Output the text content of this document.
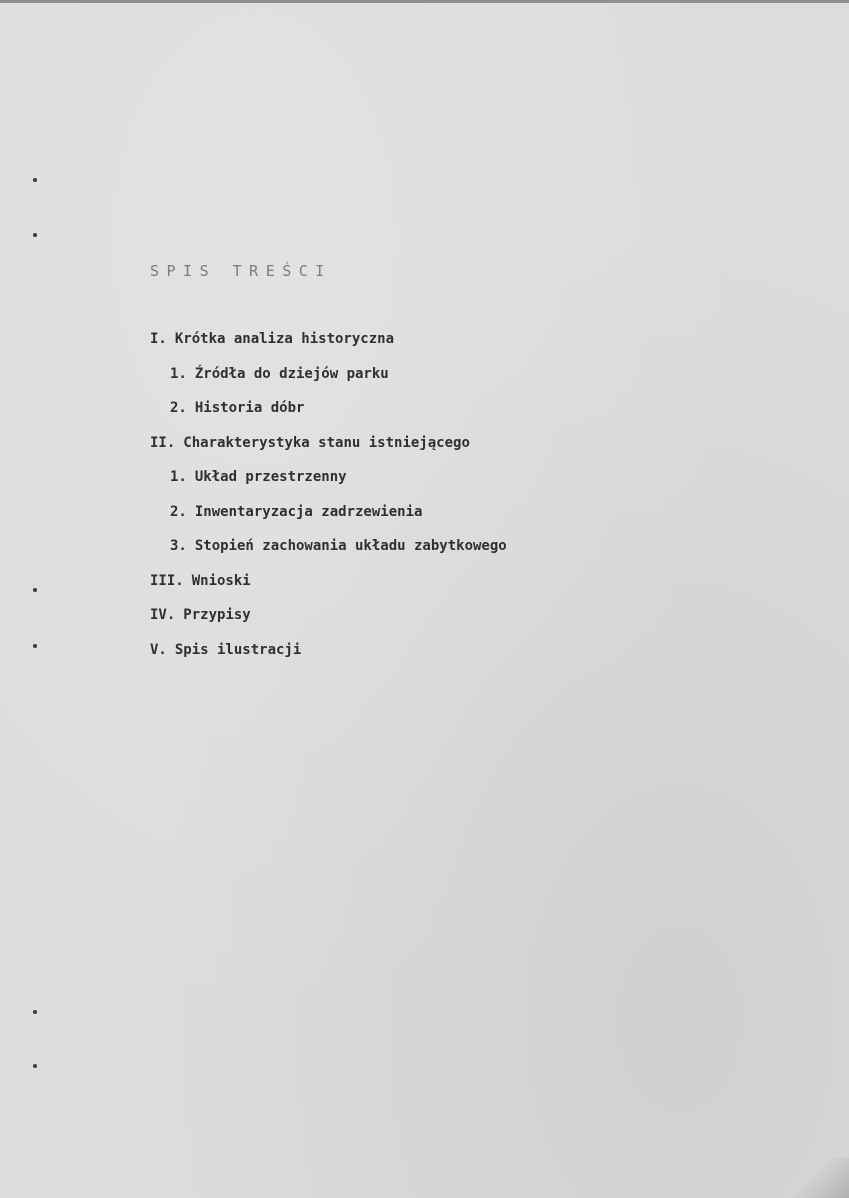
SPIS TREŚCI
I. Krótka analiza historyczna
1. Źródła do dziejów parku
2. Historia dóbr
II. Charakterystyka stanu istniejącego
1. Układ przestrzenny
2. Inwentaryzacja zadrzewienia
3. Stopień zachowania układu zabytkowego
III. Wnioski
IV. Przypisy
V. Spis ilustracji
